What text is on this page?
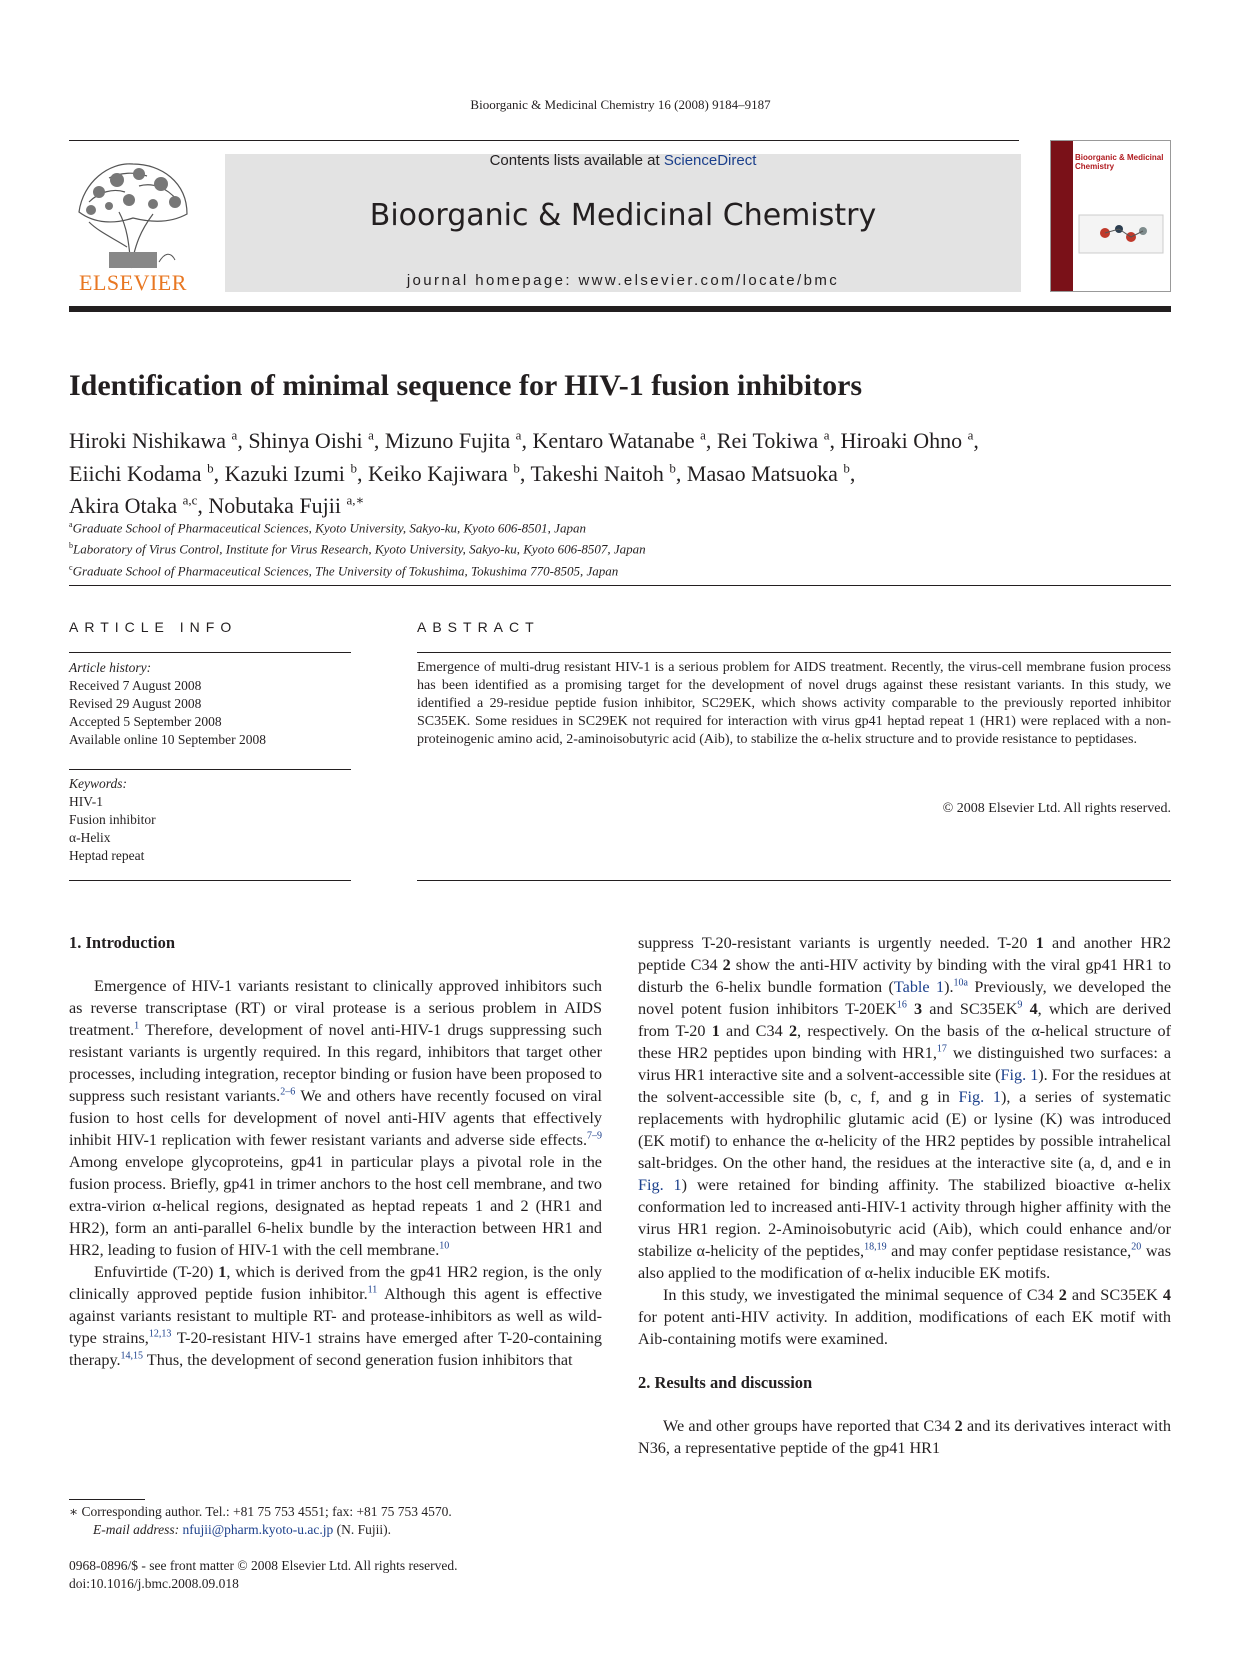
Bioorganic & Medicinal Chemistry 16 (2008) 9184–9187
ELSEVIER
Contents lists available at ScienceDirect
Bioorganic & Medicinal Chemistry
journal homepage: www.elsevier.com/locate/bmc
Bioorganic & Medicinal Chemistry
Identification of minimal sequence for HIV-1 fusion inhibitors
Hiroki Nishikawa $^a$, Shinya Oishi $^a$, Mizuno Fujita $^a$, Kentaro Watanabe $^a$, Rei Tokiwa $^a$, Hiroaki Ohno $^a$,
Eiichi Kodama $^b$, Kazuki Izumi $^b$, Keiko Kajiwara $^b$, Takeshi Naitoh $^b$, Masao Matsuoka $^b$,
Akira Otaka $^{a,c}$, Nobutaka Fujii $^{a,∗}$
$^a$Graduate School of Pharmaceutical Sciences, Kyoto University, Sakyo-ku, Kyoto 606-8501, Japan
$^b$Laboratory of Virus Control, Institute for Virus Research, Kyoto University, Sakyo-ku, Kyoto 606-8507, Japan
$^c$Graduate School of Pharmaceutical Sciences, The University of Tokushima, Tokushima 770-8505, Japan
ARTICLE INFO	ABSTRACT
Article history:
Received 7 August 2008
Revised 29 August 2008
Accepted 5 September 2008
Available online 10 September 2008
Keywords:
HIV-1
Fusion inhibitor
α-Helix
Heptad repeat
Emergence of multi-drug resistant HIV-1 is a serious problem for AIDS treatment. Recently, the virus-cell membrane fusion process has been identified as a promising target for the development of novel drugs against these resistant variants. In this study, we identified a 29-residue peptide fusion inhibitor, SC29EK, which shows activity comparable to the previously reported inhibitor SC35EK. Some residues in SC29EK not required for interaction with virus gp41 heptad repeat 1 (HR1) were replaced with a non-proteinogenic amino acid, 2-aminoisobutyric acid (Aib), to stabilize the α-helix structure and to provide resistance to peptidases.
© 2008 Elsevier Ltd. All rights reserved.

1. Introduction

Emergence of HIV-1 variants resistant to clinically approved inhibitors such as reverse transcriptase (RT) or viral protease is a serious problem in AIDS treatment.$^1$ Therefore, development of novel anti-HIV-1 drugs suppressing such resistant variants is urgently required. In this regard, inhibitors that target other processes, including integration, receptor binding or fusion have been proposed to suppress such resistant variants.$^{2-6}$ We and others have recently focused on viral fusion to host cells for development of novel anti-HIV agents that effectively inhibit HIV-1 replication with fewer resistant variants and adverse side effects.$^{7-9}$ Among envelope glycoproteins, gp41 in particular plays a pivotal role in the fusion process. Briefly, gp41 in trimer anchors to the host cell membrane, and two extra-virion α-helical regions, designated as heptad repeats 1 and 2 (HR1 and HR2), form an anti-parallel 6-helix bundle by the interaction between HR1 and HR2, leading to fusion of HIV-1 with the cell membrane.$^{10}$

Enfuvirtide (T-20) 1, which is derived from the gp41 HR2 region, is the only clinically approved peptide fusion inhibitor.$^{11}$ Although this agent is effective against variants resistant to multiple RT- and protease-inhibitors as well as wild-type strains,$^{12,13}$ T-20-resistant HIV-1 strains have emerged after T-20-containing therapy.$^{14,15}$ Thus, the development of second generation fusion inhibitors that

suppress T-20-resistant variants is urgently needed. T-20 1 and another HR2 peptide C34 2 show the anti-HIV activity by binding with the viral gp41 HR1 to disturb the 6-helix bundle formation (Table 1).$^{10a}$ Previously, we developed the novel potent fusion inhibitors T-20EK$^{16}$ 3 and $SC35EK^9$ 4, which are derived from T-20 1 and C34 2, respectively. On the basis of the α-helical structure of these HR2 peptides upon binding with HR1,17 we distinguished two surfaces: a virus HR1 interactive site and a solvent-accessible site (Fig. 1). For the residues at the solvent-accessible site (b, c, f, and g in Fig. 1), a series of systematic replacements with hydrophilic glutamic acid (E) or lysine (K) was introduced (EK motif) to enhance the α-helicity of the HR2 peptides by possible intrahelical salt-bridges. On the other hand, the residues at the interactive site (a, d, and e in Fig. 1) were retained for binding affinity. The stabilized bioactive α-helix conformation led to increased anti-HIV-1 activity through higher affinity with the virus HR1 region. 2-Aminoisobutyric acid (Aib), which could enhance and/or stabilize α-helicity of the peptides,$^{18,19}$ and may confer peptidase resistance,$^{20}$ was also applied to the modification of α-helix inducible EK motifs.

In this study, we investigated the minimal sequence of C34 2 and SC35EK 4 for potent anti-HIV activity. In addition, modifications of each EK motif with Aib-containing motifs were examined.

2. Results and discussion

We and other groups have reported that C34 2 and its derivatives interact with N36, a representative peptide of the gp41 HR1

∗ Corresponding author. Tel.: +81 75 753 4551; fax: +81 75 753 4570.
E-mail address: nfujii@pharm.kyoto-u.ac.jp (N. Fujii).
0968-0896/$ - see front matter © 2008 Elsevier Ltd. All rights reserved.
doi:10.1016/j.bmc.2008.09.018
